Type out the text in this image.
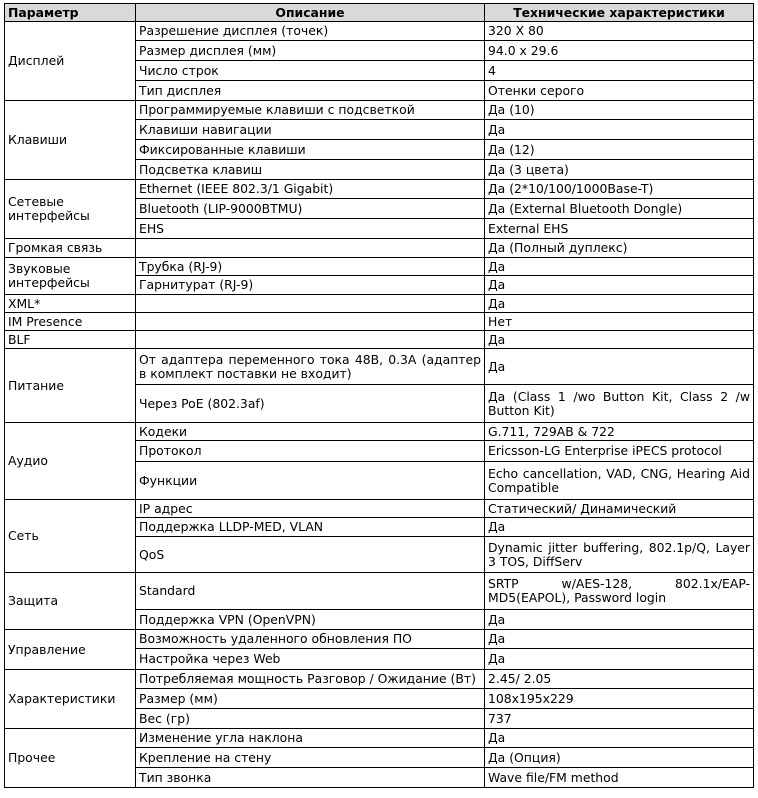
Параметр	Описание	Технические характеристики
Дисплей	Разрешение дисплея (точек)	320 X 80
	Размер дисплея (мм)	94.0 x 29.6
	Число строк	4
	Тип дисплея	Отенки серого
Клавиши	Программируемые клавиши с подсветкой	Да (10)
	Клавиши навигации	Да
	Фиксированные клавиши	Да (12)
	Подсветка клавиш	Да (3 цвета)
Сетевые интерфейсы	Ethernet (IEEE 802.3/1 Gigabit)	Да (2*10/100/1000Base-T)
	Bluetooth (LIP-9000BTMU)	Да (External Bluetooth Dongle)
	EHS	External EHS
Громкая связь		Да (Полный дуплекс)
Звуковые интерфейсы	Трубка (RJ-9)	Да
	Гарнитурат (RJ-9)	Да
XML*		Да
IM Presence		Нет
BLF		Да
Питание	От адаптера переменного тока 48В, 0.3А (адаптер в комплект поставки не входит)	Да
	Через PoE (802.3af)	Да (Class 1 /wo Button Kit, Class 2 /w Button Kit)
Аудио	Кодеки	G.711, 729AB & 722
	Протокол	Ericsson-LG Enterprise iPECS protocol
	Функции	Echo cancellation, VAD, CNG, Hearing Aid Compatible
Сеть	IP адрес	Статический/ Динамический
	Поддержка LLDP-MED, VLAN	Да
	QoS	Dynamic jitter buffering, 802.1p/Q, Layer 3 TOS, DiffServ
Защита	Standard	SRTP w/AES-128, 802.1x/EAP-MD5(EAPOL), Password login
	Поддержка VPN (OpenVPN)	Да
Управление	Возможность удаленного обновления ПО	Да
	Настройка через Web	Да
Характеристики	Потребляемая мощность Разговор / Ожидание (Вт)	2.45/ 2.05
	Размер (мм)	108x195x229
	Вес (гр)	737
Прочее	Изменение угла наклона	Да
	Крепление на стену	Да (Опция)
	Тип звонка	Wave file/FM method
